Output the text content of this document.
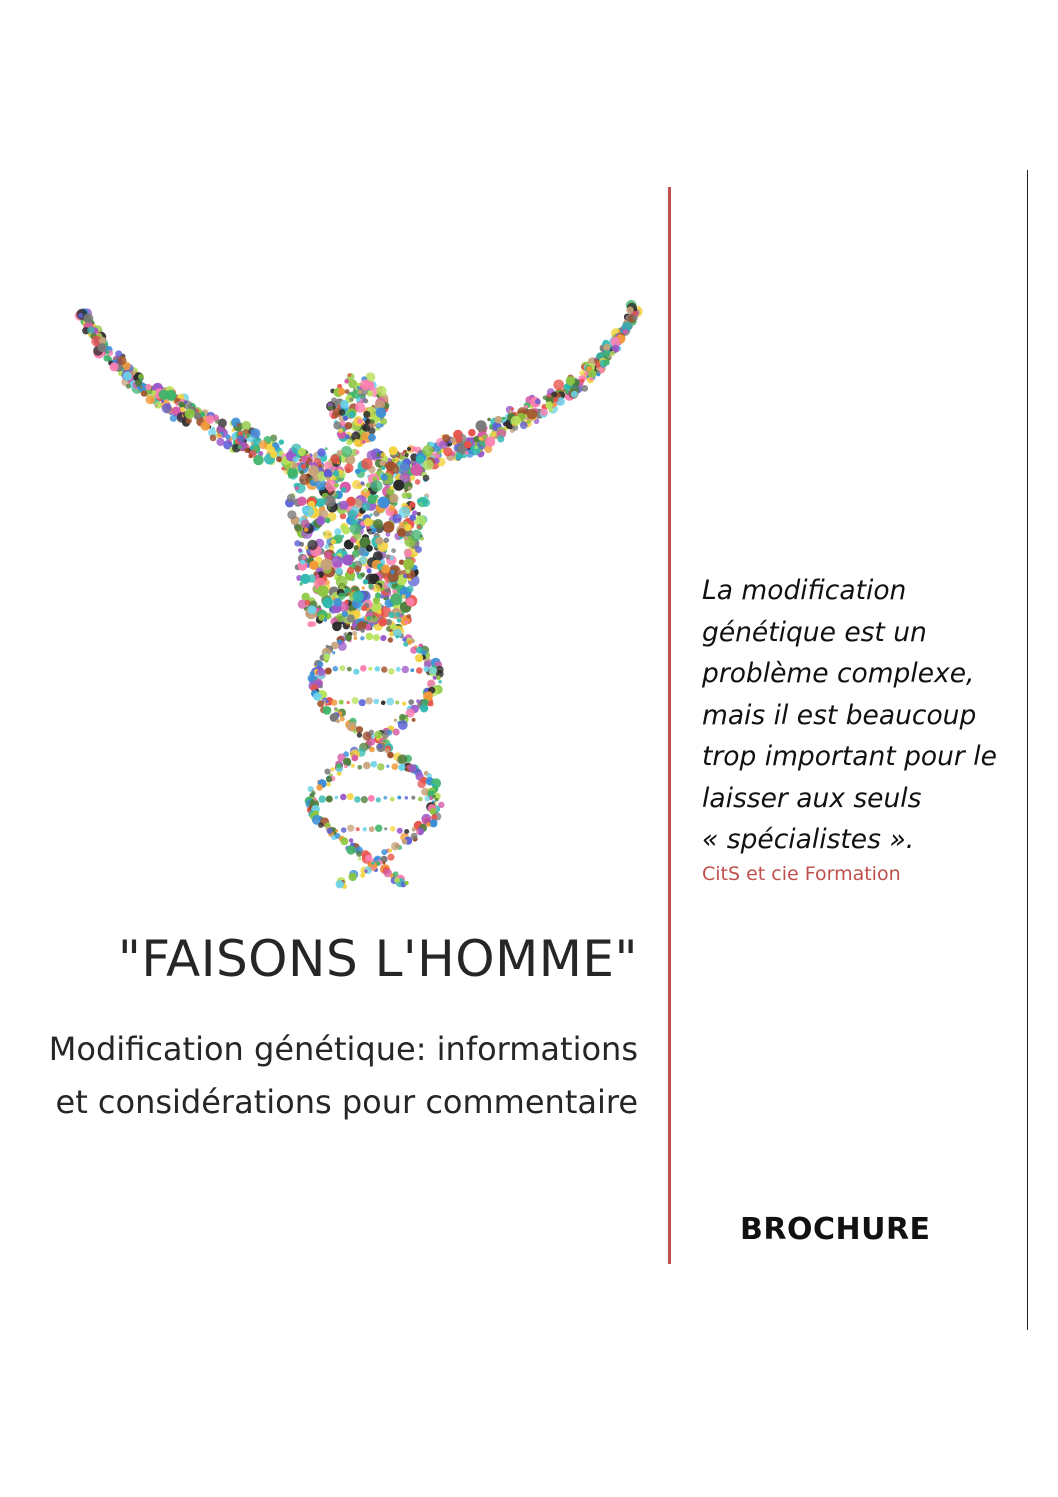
"FAISONS L'HOMME"
Modification génétique: informations
et considérations pour commentaire

La modification
génétique est un
problème complexe,
mais il est beaucoup
trop important pour le
laisser aux seuls
« spécialistes ».

CitS et cie Formation
BROCHURE
